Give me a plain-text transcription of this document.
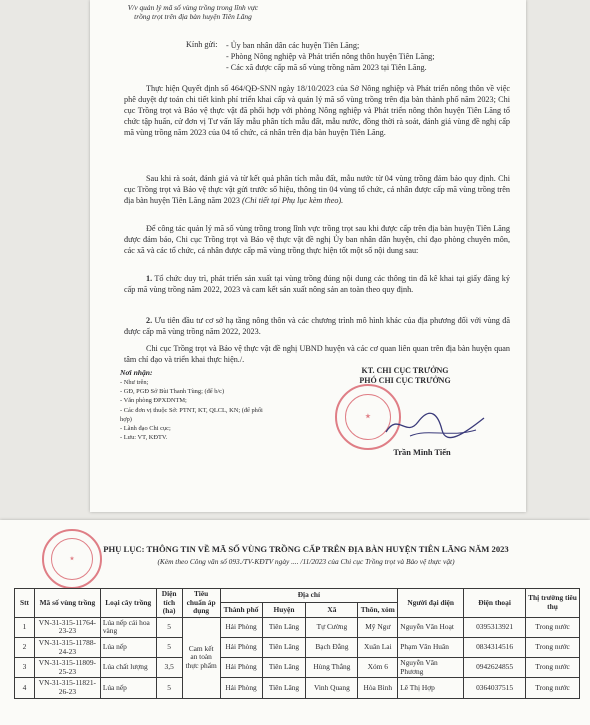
V/v quản lý mã số vùng trồng trong lĩnh vực
trồng trọt trên địa bàn huyện Tiên Lãng
Kính gửi: - Ủy ban nhân dân các huyện Tiên Lãng;
- Phòng Nông nghiệp và Phát triển nông thôn huyện Tiên Lãng;
- Các xã được cấp mã số vùng trồng năm 2023 tại Tiên Lãng.

Thực hiện Quyết định số 464/QĐ-SNN ngày 18/10/2023 của Sở Nông nghiệp và Phát triển nông thôn về việc phê duyệt dự toán chi tiết kinh phí triển khai cấp và quản lý mã số vùng trồng trên địa bàn thành phố năm 2023; Chi cục Trồng trọt và Bảo vệ thực vật đã phối hợp với phòng Nông nghiệp và Phát triển nông thôn huyện Tiên Lãng tổ chức tập huấn, cử đơn vị Tư vấn lấy mẫu phân tích mẫu đất, mẫu nước, đồng thời rà soát, đánh giá vùng đề nghị cấp mã vùng trồng năm 2023 của 04 tổ chức, cá nhân trên địa bàn huyện Tiên Lãng.

Sau khi rà soát, đánh giá và từ kết quả phân tích mẫu đất, mẫu nước từ 04 vùng trồng đảm bảo quy định. Chi cục Trồng trọt và Bảo vệ thực vật gửi trước số hiệu, thông tin 04 vùng tổ chức, cá nhân được cấp mã vùng trồng trên địa bàn huyện Tiên Lãng năm 2023 (Chi tiết tại Phụ lục kèm theo).

Để công tác quản lý mã số vùng trồng trong lĩnh vực trồng trọt sau khi được cấp trên địa bàn huyện Tiên Lãng được đảm bảo, Chi cục Trồng trọt và Bảo vệ thực vật đề nghị Ủy ban nhân dân huyện, chỉ đạo phòng chuyên môn, các xã và các tổ chức, cá nhân được cấp mã vùng trồng thực hiện tốt một số nội dung sau:

1. Tổ chức duy trì, phát triển sản xuất tại vùng trồng đúng nội dung các thông tin đã kê khai tại giấy đăng ký cấp mã vùng trồng năm 2022, 2023 và cam kết sản xuất nông sản an toàn theo quy định.

2. Ưu tiên đầu tư cơ sở hạ tầng nông thôn và các chương trình mô hình khác của địa phương đối với vùng đã được cấp mã vùng trồng năm 2022, 2023.

Chi cục Trồng trọt và Bảo vệ thực vật đề nghị UBND huyện và các cơ quan liên quan trên địa bàn huyện quan tâm chỉ đạo và triển khai thực hiện./.

Nơi nhận:
- Như trên;
- GĐ, PGĐ Sở Bùi Thanh Tùng; (để b/c)
- Văn phòng ĐPXDNTM;
- Các đơn vị thuộc Sở: PTNT, KT, QLCL, KN; (để phối hợp)
- Lãnh đạo Chi cục;
- Lưu: VT, KĐTV.
KT. CHI CỤC TRƯỞNG
PHÓ CHI CỤC TRƯỞNG
★
Trần Minh Tiến
PHỤ LỤC: THÔNG TIN VỀ MÃ SỐ VÙNG TRỒNG CẤP TRÊN ĐỊA BÀN HUYỆN TIÊN LÃNG NĂM 2023
(Kèm theo Công văn số 093./TV-KĐTV ngày .... /11/2023 của Chi cục Trồng trọt và Bảo vệ thực vật)
★
Stt	Mã số vùng trồng	Loại cây trồng	Diện tích (ha)	Tiêu chuẩn áp dụng	Địa chỉ				Người đại diện	Điện thoại	Thị trường tiêu thụ
					Thành phố	Huyện	Xã	Thôn, xóm			
1	VN-31-315-11764-23-23	Lúa nếp cái hoa vàng	5	Cam kết an toàn thực phẩm	Hải Phòng	Tiên Lãng	Tự Cường	Mỹ Ngư	Nguyễn Văn Hoạt	0395313921	Trong nước
2	VN-31-315-11788-24-23	Lúa nếp	5		Hải Phòng	Tiên Lãng	Bạch Đằng	Xuân Lai	Phạm Văn Huân	0834314516	Trong nước
3	VN-31-315-11809-25-23	Lúa chất lượng	3,5		Hải Phòng	Tiên Lãng	Hùng Thắng	Xóm 6	Nguyễn Văn Phương	0942624855	Trong nước
4	VN-31-315-11821-26-23	Lúa nếp	5		Hải Phòng	Tiên Lãng	Vinh Quang	Hòa Bình	Lê Thị Hợp	0364037515	Trong nước
